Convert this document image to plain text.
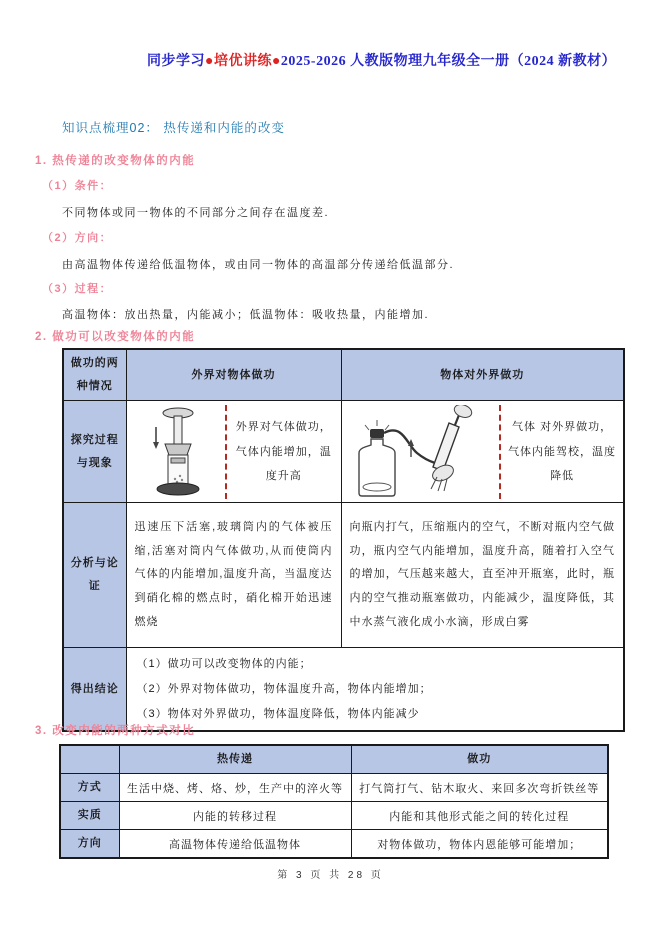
同步学习●培优讲练●2025-2026 人教版物理九年级全一册（2024 新教材）
知识点梳理02： 热传递和内能的改变
1. 热传递的改变物体的内能
（1）条件：
不同物体或同一物体的不同部分之间存在温度差.
（2）方向：
由高温物体传递给低温物体，或由同一物体的高温部分传递给低温部分.
（3）过程：
高温物体：放出热量，内能减小；低温物体：吸收热量，内能增加.
2. 做功可以改变物体的内能
做功的两种情况	外界对物体做功	物体对外界做功
探究过程与现象	外界对气体做功，气体内能增加，温度升高	气体 对外界做功，气体内能驾校，温度降低

分析与论证	迅速压下活塞,玻璃筒内的气体被压缩,活塞对筒内气体做功,从而使筒内气体的内能增加,温度升高，当温度达到硝化棉的燃点时，硝化棉开始迅速燃烧	向瓶内打气，压缩瓶内的空气，不断对瓶内空气做功，瓶内空气内能增加，温度升高，随着打入空气的增加，气压越来越大，直至冲开瓶塞，此时，瓶内的空气推动瓶塞做功，内能减少，温度降低，其中水蒸气液化成小水滴，形成白雾
得出结论	（1）做功可以改变物体的内能；
（2）外界对物体做功，物体温度升高，物体内能增加；
（3）物体对外界做功，物体温度降低，物体内能减少	
3. 改变内能的两种方式对比
	热传递	做功
方式	生活中烧、烤、烙、炒，生产中的淬火等	打气筒打气、钻木取火、来回多次弯折铁丝等
实质	内能的转移过程	内能和其他形式能之间的转化过程
方向	高温物体传递给低温物体	对物体做功，物体内恩能够可能增加；
第 3 页 共 28 页
